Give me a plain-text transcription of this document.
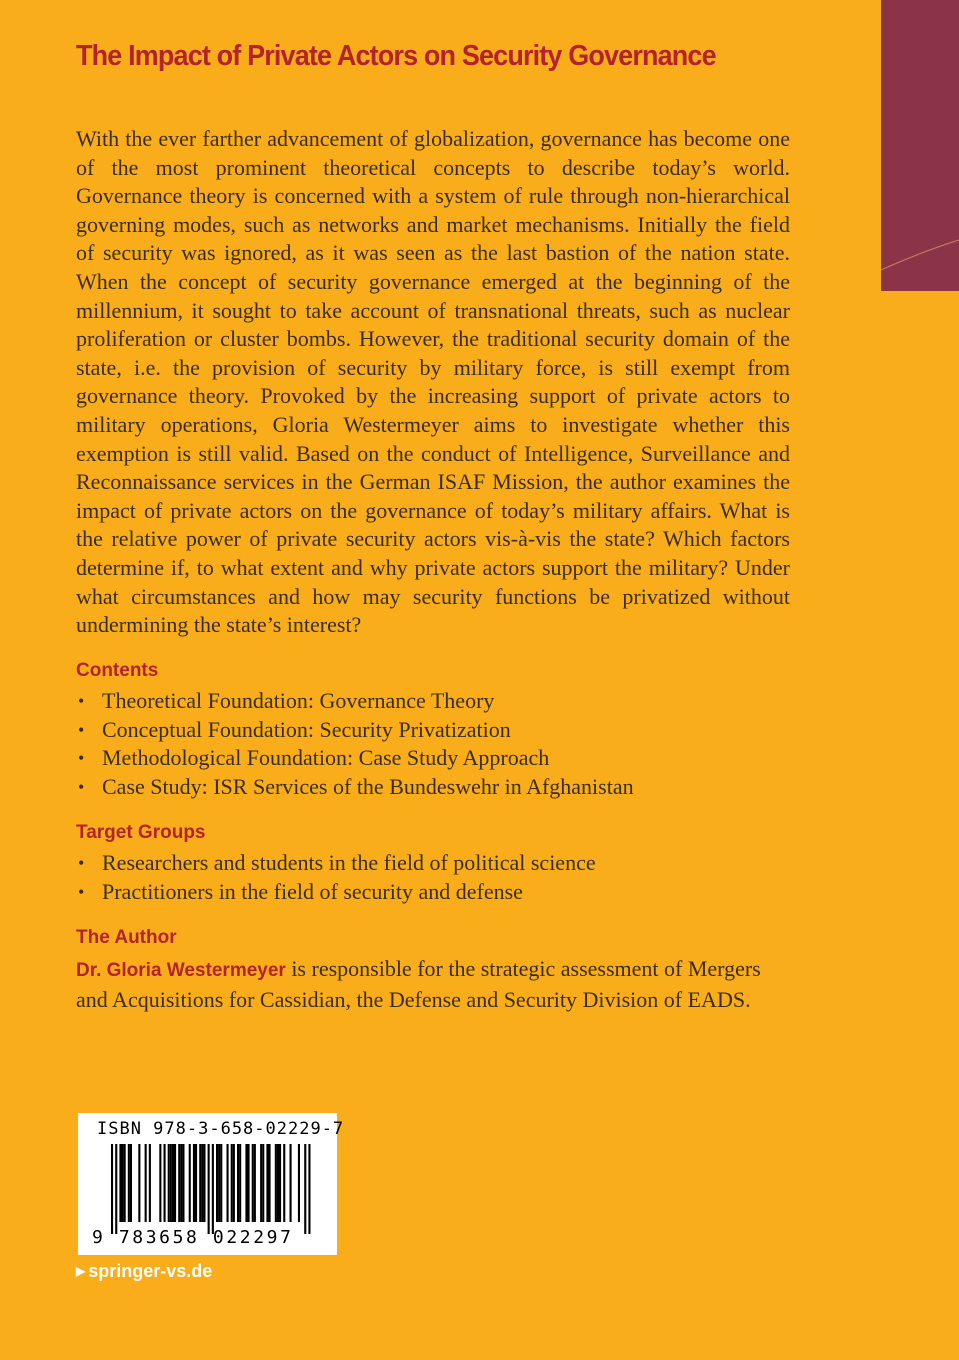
The Impact of Private Actors on Security Governance

With the ever farther advancement of globalization, governance has become one of the most prominent theoretical concepts to describe today’s world. Governance theory is concerned with a system of rule through non-hierarchical governing modes, such as networks and market mechanisms. Initially the field of security was ignored, as it was seen as the last bastion of the nation state. When the concept of security governance emerged at the beginning of the millennium, it sought to take account of transnational threats, such as nuclear proliferation or cluster bombs. However, the traditional security domain of the state, i.e. the provision of security by military force, is still exempt from governance theory. Provoked by the increasing support of private actors to military operations, Gloria Westermeyer aims to investigate whether this exemption is still valid. Based on the conduct of Intelligence, Surveillance and Reconnaissance services in the German ISAF Mission, the author examines the impact of private actors on the governance of today’s military affairs. What is the relative power of private security actors vis-à-vis the state? Which factors determine if, to what extent and why private actors support the military? Under what circumstances and how may security functions be privatized without undermining the state’s interest?

Contents
• Theoretical Foundation: Governance Theory
• Conceptual Foundation: Security Privatization
• Methodological Foundation: Case Study Approach
• Case Study: ISR Services of the Bundeswehr in Afghanistan
Target Groups
• Researchers and students in the field of political science
• Practitioners in the field of security and defense
The Author

Dr. Gloria Westermeyer is responsible for the strategic assessment of Mergers and Acquisitions for Cassidian, the Defense and Security Division of EADS.

ISBN 978-3-658-02229-7
9 783658 022297
▶ springer-vs.de
